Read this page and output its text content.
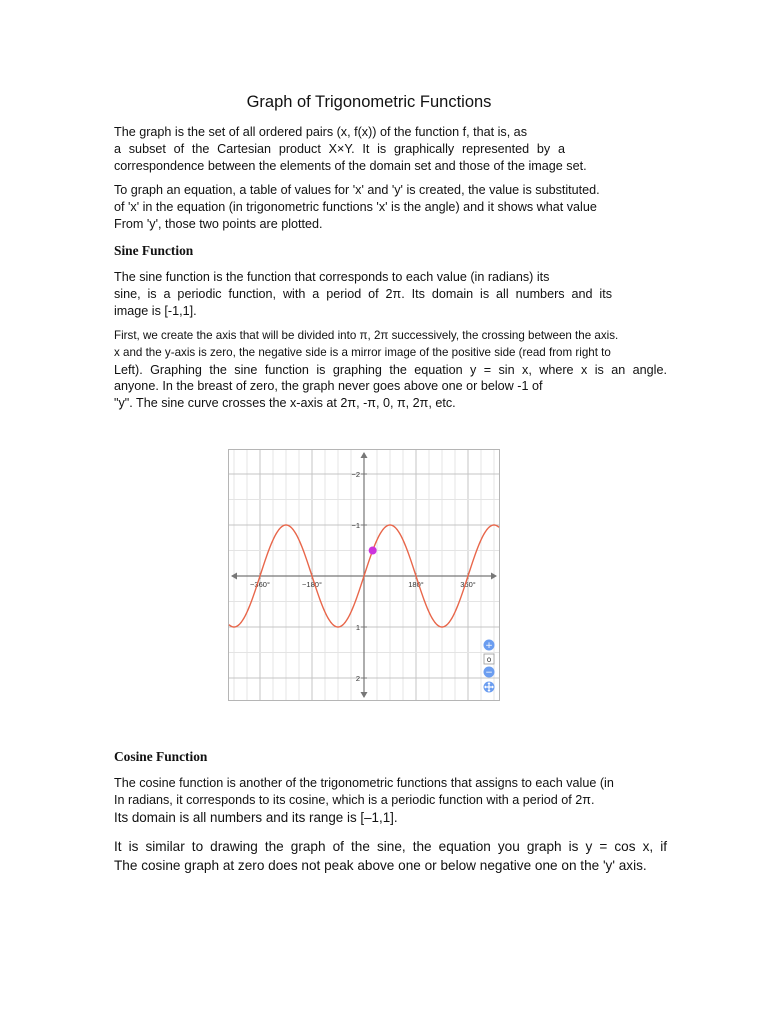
Graph of Trigonometric Functions
The graph is the set of all ordered pairs (x, f(x)) of the function f, that is, as
a subset of the Cartesian product X×Y. It is graphically represented by a
correspondence between the elements of the domain set and those of the image set.
To graph an equation, a table of values for 'x' and 'y' is created, the value is substituted.
of 'x' in the equation (in trigonometric functions 'x' is the angle) and it shows what value
From 'y', those two points are plotted.
Sine Function
The sine function is the function that corresponds to each value (in radians) its
sine, is a periodic function, with a period of 2π. Its domain is all numbers and its
image is [-1,1].
First, we create the axis that will be divided into π, 2π successively, the crossing between the axis.
x and the y-axis is zero, the negative side is a mirror image of the positive side (read from right to
Left). Graphing the sine function is graphing the equation y = sin x, where x is an angle.
anyone. In the breast of zero, the graph never goes above one or below -1 of
"y". The sine curve crosses the x-axis at 2π, -π, 0, π, 2π, etc.
−360°	−180°	180°	360°
2
1
−1
−2
+
o
−
Cosine Function
The cosine function is another of the trigonometric functions that assigns to each value (in
In radians, it corresponds to its cosine, which is a periodic function with a period of 2π.
Its domain is all numbers and its range is [–1,1].
It is similar to drawing the graph of the sine, the equation you graph is y = cos x, if
The cosine graph at zero does not peak above one or below negative one on the 'y' axis.
